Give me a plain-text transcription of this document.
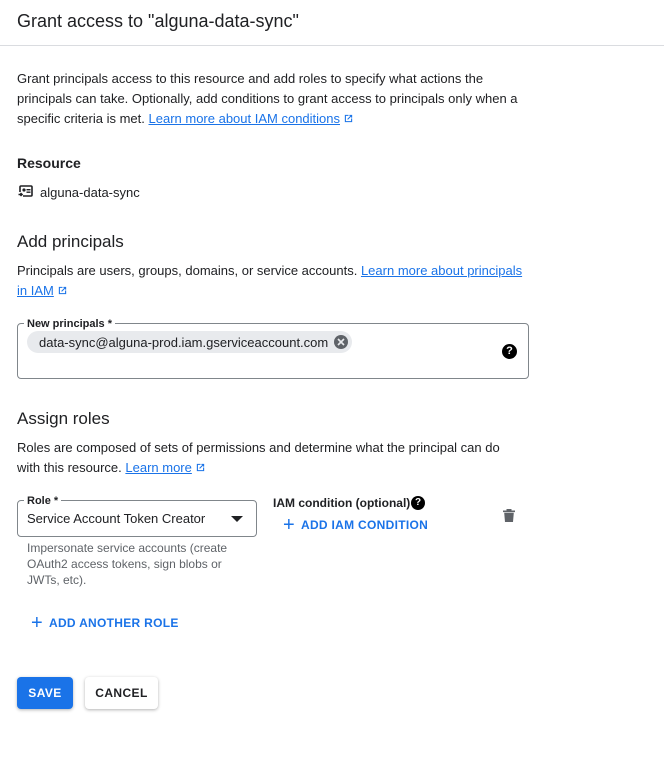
Grant access to "alguna-data-sync"
Grant principals access to this resource and add roles to specify what actions the principals can take. Optionally, add conditions to grant access to principals only when a specific criteria is met. Learn more about IAM conditions
Resource
alguna-data-sync
Add principals
Principals are users, groups, domains, or service accounts. Learn more about principals in IAM
New principals *
data-sync@alguna-prod.iam.gserviceaccount.com
?
Assign roles
Roles are composed of sets of permissions and determine what the principal can do with this resource. Learn more
Role *
Service Account Token Creator
Impersonate service accounts (create OAuth2 access tokens, sign blobs or JWTs, etc).
IAM condition (optional) ?
+ ADD IAM CONDITION
+ ADD ANOTHER ROLE
SAVE	CANCEL
